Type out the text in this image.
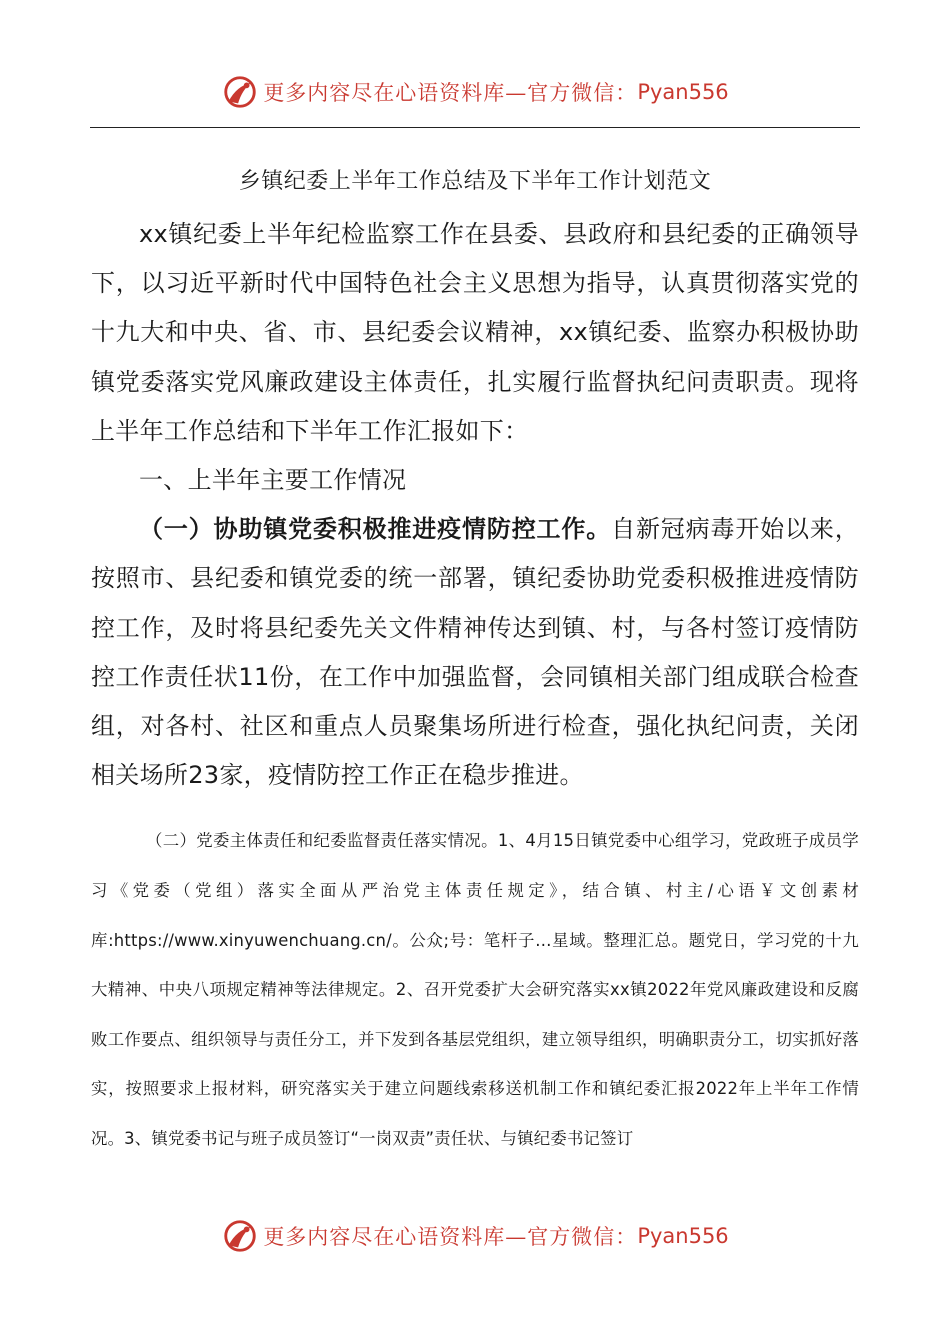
更多内容尽在心语资料库—官方微信： Pyan556

乡镇纪委上半年工作总结及下半年工作计划范文

xx镇纪委上半年纪检监察工作在县委、县政府和县纪委的正确领导下，以习近平新时代中国特色社会主义思想为指导，认真贯彻落实党的十九大和中央、省、市、县纪委会议精神，xx镇纪委、监察办积极协助镇党委落实党风廉政建设主体责任，扎实履行监督执纪问责职责。现将上半年工作总结和下半年工作汇报如下：

一、上半年主要工作情况

（一）协助镇党委积极推进疫情防控工作。自新冠病毒开始以来，按照市、县纪委和镇党委的统一部署，镇纪委协助党委积极推进疫情防控工作，及时将县纪委先关文件精神传达到镇、村，与各村签订疫情防控工作责任状11份，在工作中加强监督，会同镇相关部门组成联合检查组，对各村、社区和重点人员聚集场所进行检查，强化执纪问责，关闭相关场所23家，疫情防控工作正在稳步推进。

（二）党委主体责任和纪委监督责任落实情况。1、4月15日镇党委中心组学习，党政班子成员学习《党委（党组）落实全面从严治党主体责任规定》，结合镇、村主/心语￥文创素材库:https://www.xinyuwenchuang.cn/。公众;号：笔杆子…星域。整理汇总。题党日，学习党的十九大精神、中央八项规定精神等法律规定。2、召开党委扩大会研究落实xx镇2022年党风廉政建设和反腐败工作要点、组织领导与责任分工，并下发到各基层党组织，建立领导组织，明确职责分工，切实抓好落实，按照要求上报材料，研究落实关于建立问题线索移送机制工作和镇纪委汇报2022年上半年工作情况。3、镇党委书记与班子成员签订“一岗双责”责任状、与镇纪委书记签订

更多内容尽在心语资料库—官方微信： Pyan556
